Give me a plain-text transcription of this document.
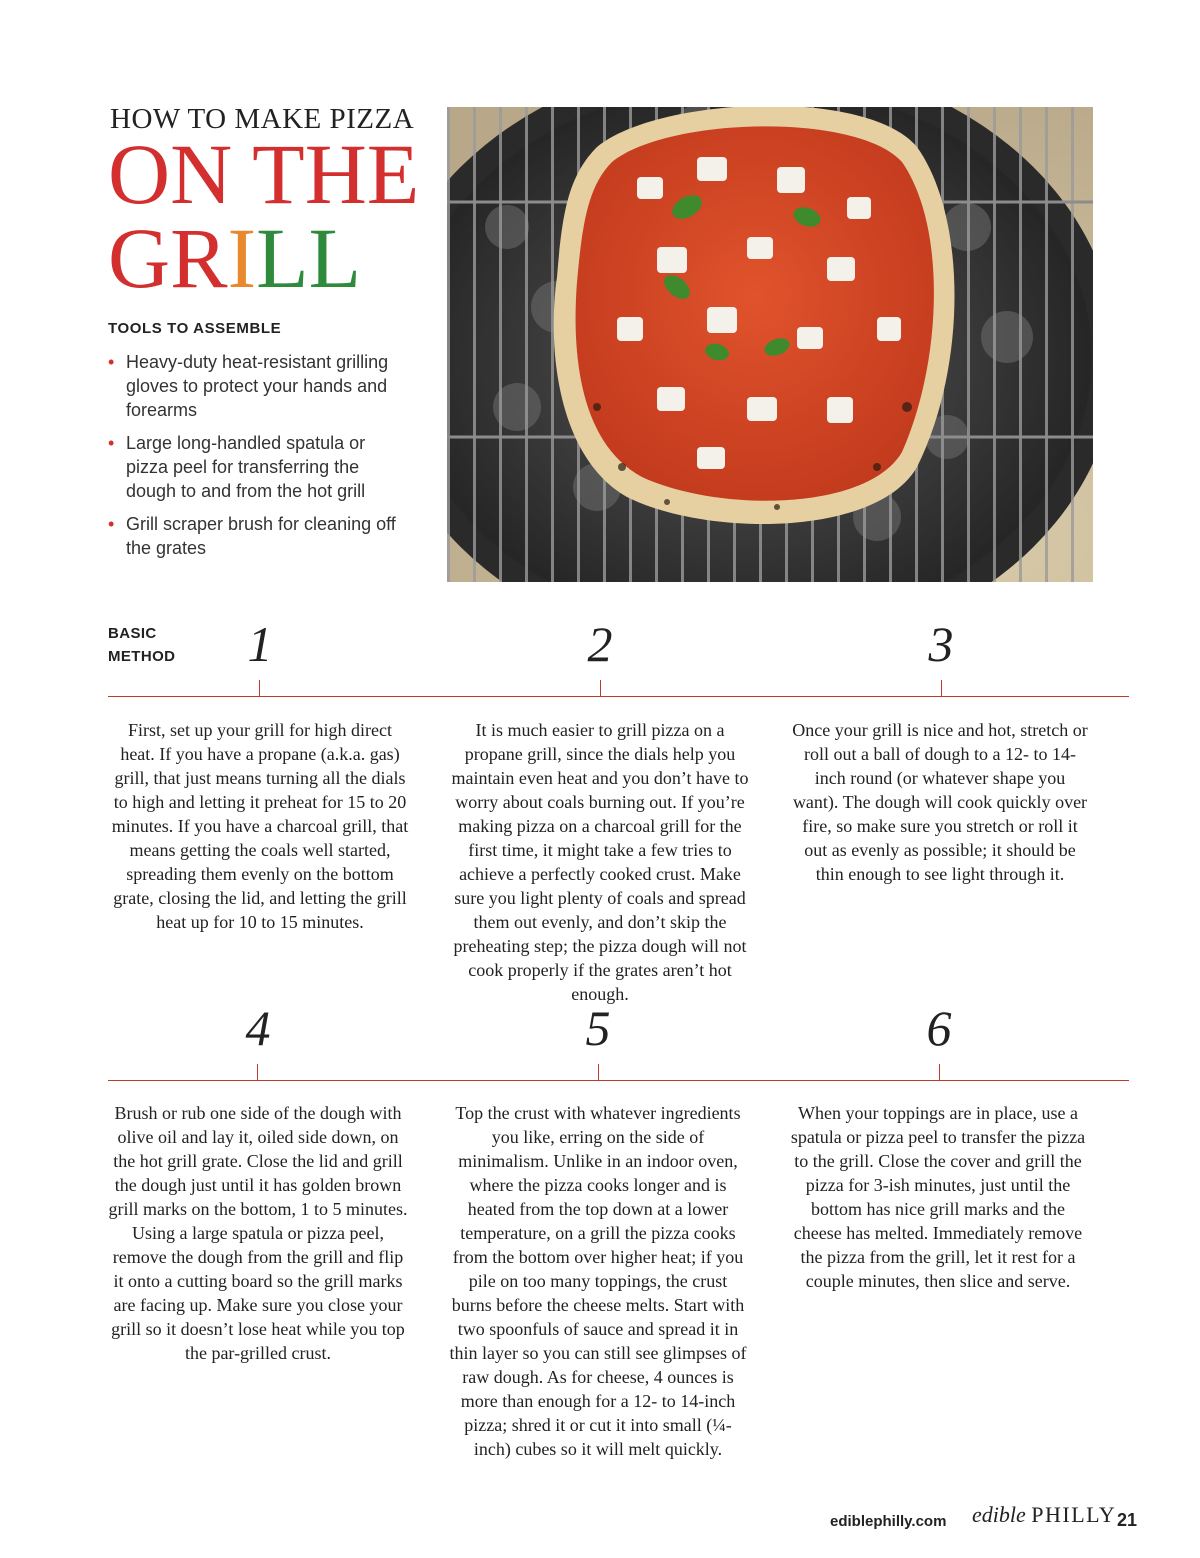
HOW TO MAKE PIZZA
ON THE
GRILL
TOOLS TO ASSEMBLE
• Heavy-duty heat-resistant grilling gloves to protect your hands and forearms
• Large long-handled spatula or pizza peel for transferring the dough to and from the hot grill
• Grill scraper brush for cleaning off the grates
BASIC
METHOD	1	2	3
First, set up your grill for high direct heat. If you have a propane (a.k.a. gas) grill, that just means turning all the dials to high and letting it preheat for 15 to 20 minutes. If you have a charcoal grill, that means getting the coals well started, spreading them evenly on the bottom grate, closing the lid, and letting the grill heat up for 10 to 15 minutes.
It is much easier to grill pizza on a propane grill, since the dials help you maintain even heat and you don’t have to worry about coals burning out. If you’re making pizza on a charcoal grill for the first time, it might take a few tries to achieve a perfectly cooked crust. Make sure you light plenty of coals and spread them out evenly, and don’t skip the preheating step; the pizza dough will not cook properly if the grates aren’t hot enough.
Once your grill is nice and hot, stretch or roll out a ball of dough to a 12- to 14-inch round (or whatever shape you want). The dough will cook quickly over fire, so make sure you stretch or roll it out as evenly as possible; it should be thin enough to see light through it.
4	5	6
Brush or rub one side of the dough with olive oil and lay it, oiled side down, on the hot grill grate. Close the lid and grill the dough just until it has golden brown grill marks on the bottom, 1 to 5 minutes. Using a large spatula or pizza peel, remove the dough from the grill and flip it onto a cutting board so the grill marks are facing up. Make sure you close your grill so it doesn’t lose heat while you top the par-grilled crust.
Top the crust with whatever ingredients you like, erring on the side of minimalism. Unlike in an indoor oven, where the pizza cooks longer and is heated from the top down at a lower temperature, on a grill the pizza cooks from the bottom over higher heat; if you pile on too many toppings, the crust burns before the cheese melts. Start with two spoonfuls of sauce and spread it in thin layer so you can still see glimpses of raw dough. As for cheese, 4 ounces is more than enough for a 12- to 14-inch pizza; shred it or cut it into small (¼-inch) cubes so it will melt quickly.
When your toppings are in place, use a spatula or pizza peel to transfer the pizza to the grill. Close the cover and grill the pizza for 3-ish minutes, just until the bottom has nice grill marks and the cheese has melted. Immediately remove the pizza from the grill, let it rest for a couple minutes, then slice and serve.
ediblephilly.com edible PHILLY 21
